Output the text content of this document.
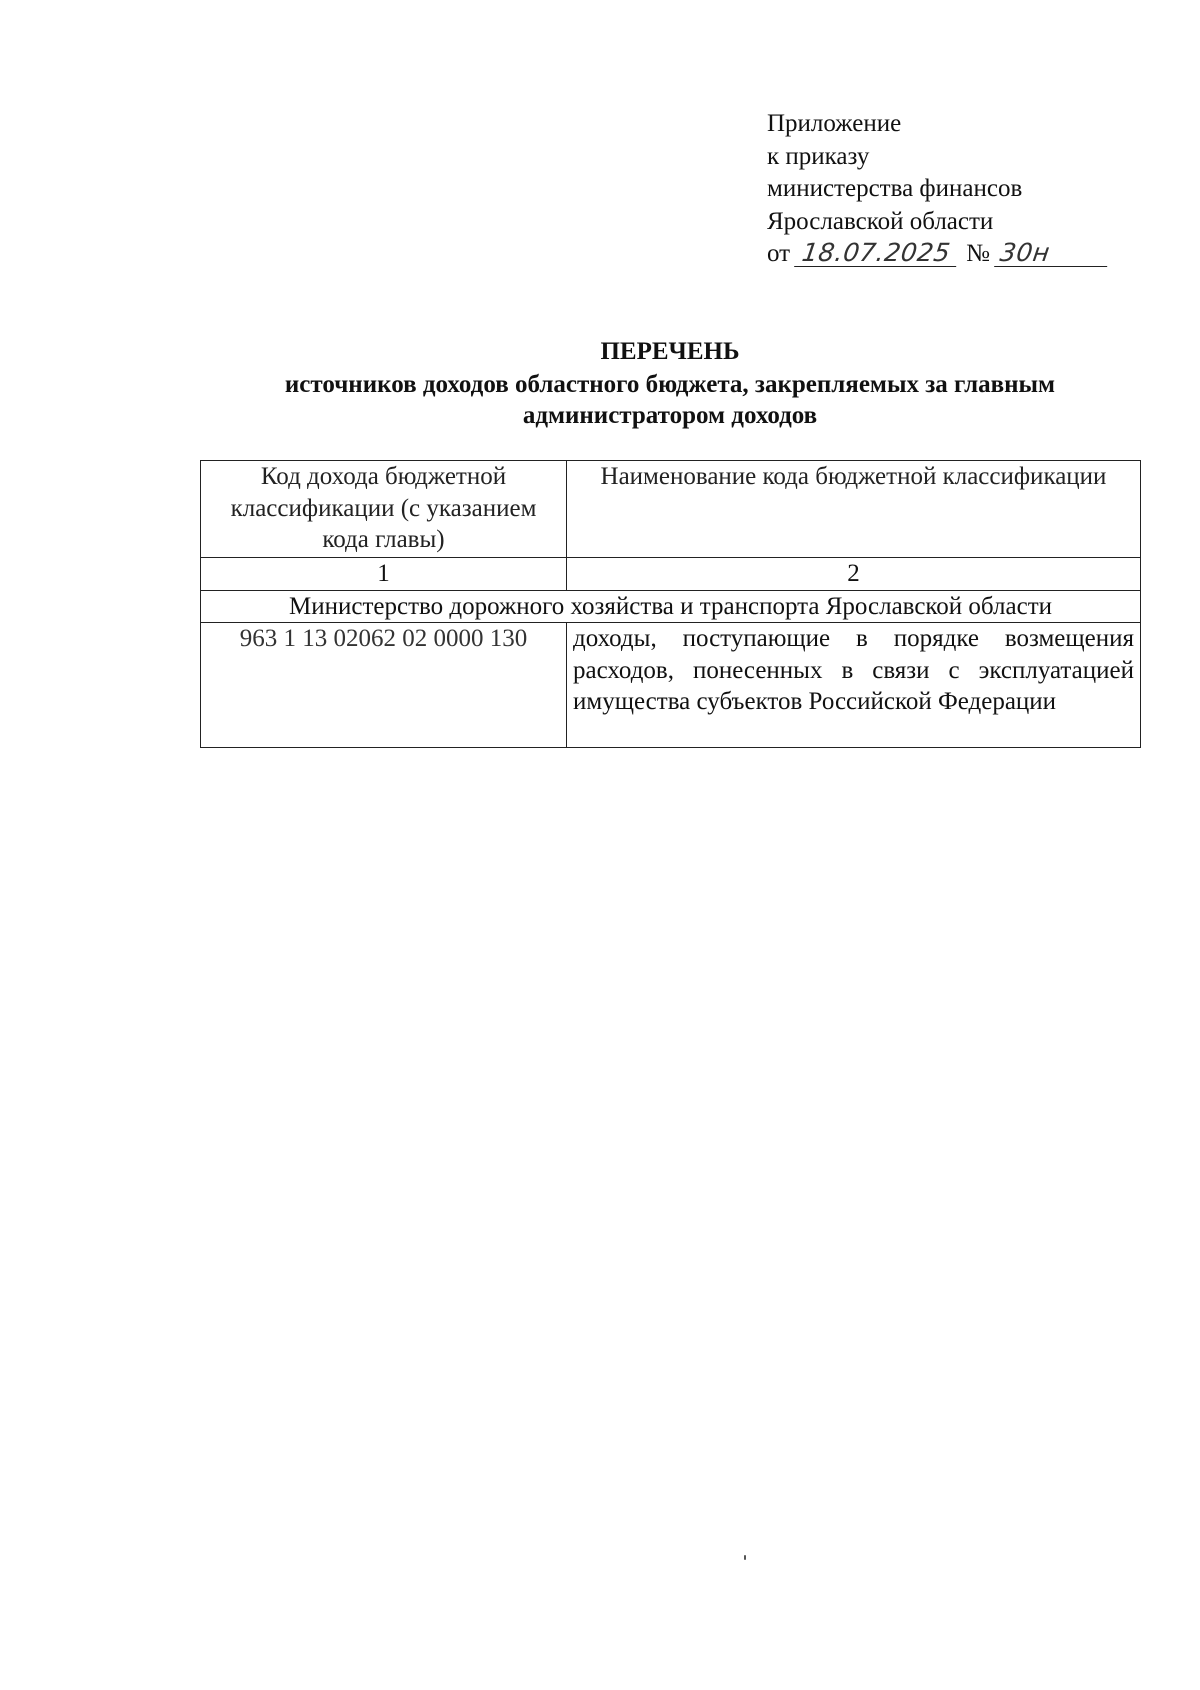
Приложение
к приказу
министерства финансов
Ярославской области
от 18.07.2025 № 30н
ПЕРЕЧЕНЬ
источников доходов областного бюджета, закрепляемых за главным администратором доходов
Код дохода бюджетной классификации (с указанием кода главы)	Наименование кода бюджетной классификации
1	2
Министерство дорожного хозяйства и транспорта Ярославской области	
963 1 13 02062 02 0000 130	доходы, поступающие в порядке возмещения расходов, понесенных в связи с эксплуатацией имущества субъектов Российской Федерации
